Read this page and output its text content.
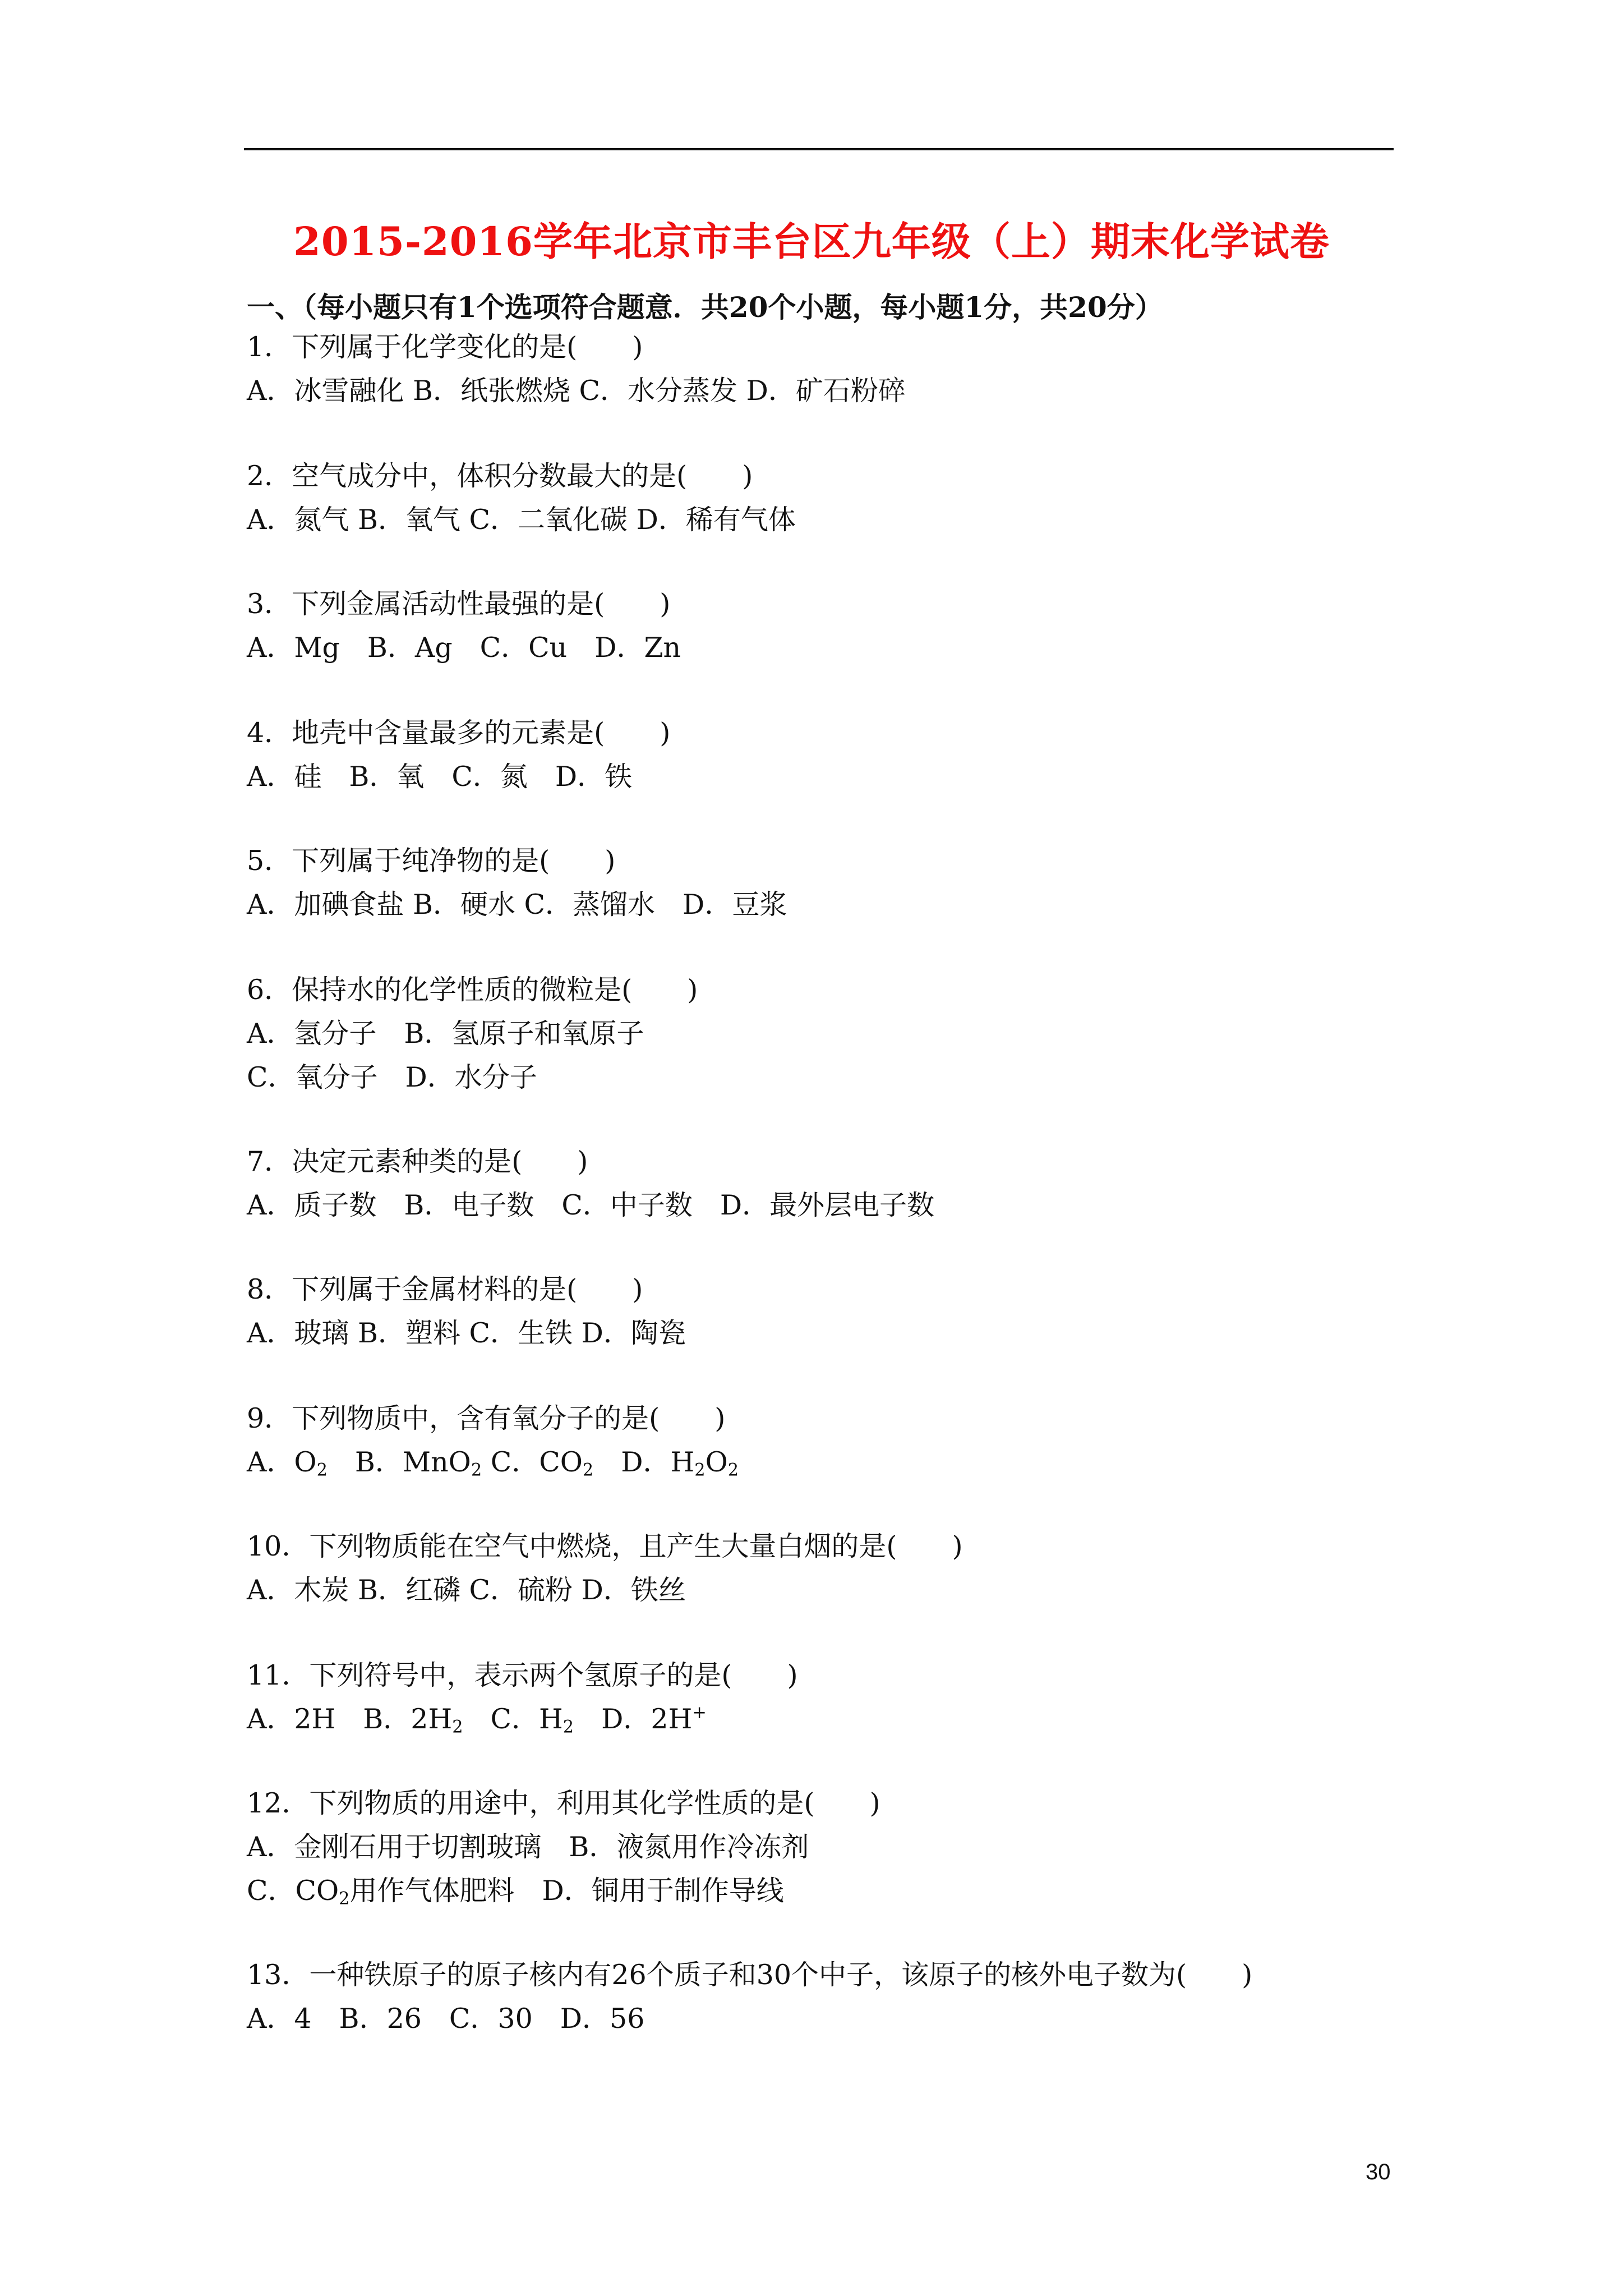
2015-2016学年北京市丰台区九年级（上）期末化学试卷
一、（每小题只有1个选项符合题意．共20个小题，每小题1分，共20分）
1．下列属于化学变化的是(　　)
A．冰雪融化 B．纸张燃烧 C．水分蒸发 D．矿石粉碎
2．空气成分中，体积分数最大的是(　　)
A．氮气 B．氧气 C．二氧化碳 D．稀有气体
3．下列金属活动性最强的是(　　)
A．Mg　B．Ag　C．Cu　D．Zn
4．地壳中含量最多的元素是(　　)
A．硅　B．氧　C．氮　D．铁
5．下列属于纯净物的是(　　)
A．加碘食盐 B．硬水 C．蒸馏水　D．豆浆
6．保持水的化学性质的微粒是(　　)
A．氢分子　B．氢原子和氧原子
C．氧分子　D．水分子
7．决定元素种类的是(　　)
A．质子数　B．电子数　C．中子数　D．最外层电子数
8．下列属于金属材料的是(　　)
A．玻璃 B．塑料 C．生铁 D．陶瓷
9．下列物质中，含有氧分子的是(　　)
A．$O_2$　B．MnO$_2$ C．$CO_2$　D．$H_2O_2$
10．下列物质能在空气中燃烧，且产生大量白烟的是(　　)
A．木炭 B．红磷 C．硫粉 D．铁丝
11．下列符号中，表示两个氢原子的是(　　)
A．2H　B．$2H_2$　C．$H_2$　D．2H+
12．下列物质的用途中，利用其化学性质的是(　　)
A．金刚石用于切割玻璃　B．液氮用作冷冻剂
C．$CO_2$用作气体肥料　D．铜用于制作导线
13．一种铁原子的原子核内有26个质子和30个中子，该原子的核外电子数为(　　)
A．4　B．26　C．30　D．56
30
